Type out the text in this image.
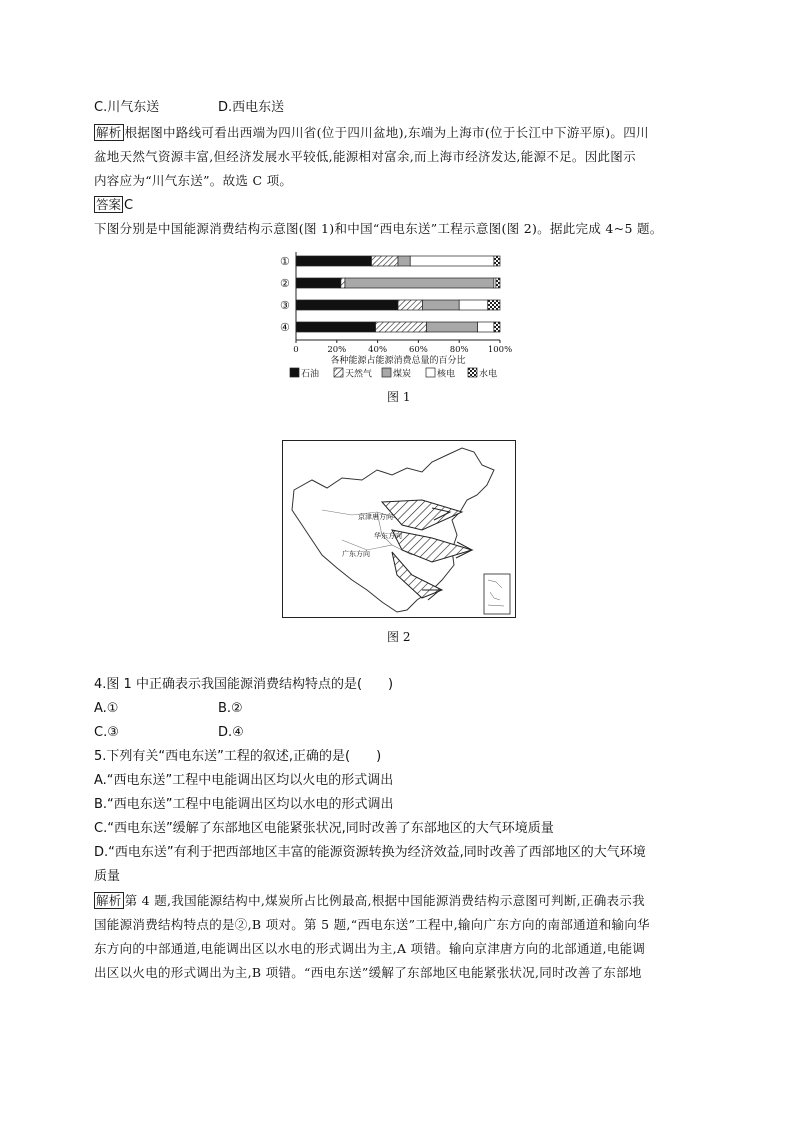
C.川气东送	D.西电东送
解析 根据图中路线可看出西端为四川省(位于四川盆地),东端为上海市(位于长江中下游平原)。四川
盆地天然气资源丰富,但经济发展水平较低,能源相对富余,而上海市经济发达,能源不足。因此图示
内容应为“川气东送”。故选 C 项。
答案 C
下图分别是中国能源消费结构示意图(图 1)和中国“西电东送”工程示意图(图 2)。据此完成 4~5 题。
①
②
③
④
0	20%	40%	60%	80% 100%
各种能源占能源消费总量的百分比
石油	天然气 煤炭	核电	水电
图 1
京津唐方向
华东方向
广东方向
图 2
4.图 1 中正确表示我国能源消费结构特点的是(　　)
A.①	B.②
C.③	D.④
5.下列有关“西电东送”工程的叙述,正确的是(　　)
A.“西电东送”工程中电能调出区均以火电的形式调出
B.“西电东送”工程中电能调出区均以水电的形式调出
C.“西电东送”缓解了东部地区电能紧张状况,同时改善了东部地区的大气环境质量
D.“西电东送”有利于把西部地区丰富的能源资源转换为经济效益,同时改善了西部地区的大气环境
质量
解析 第 4 题,我国能源结构中,煤炭所占比例最高,根据中国能源消费结构示意图可判断,正确表示我
国能源消费结构特点的是②,B 项对。第 5 题,“西电东送”工程中,输向广东方向的南部通道和输向华
东方向的中部通道,电能调出区以水电的形式调出为主,A 项错。输向京津唐方向的北部通道,电能调
出区以火电的形式调出为主,B 项错。“西电东送”缓解了东部地区电能紧张状况,同时改善了东部地
